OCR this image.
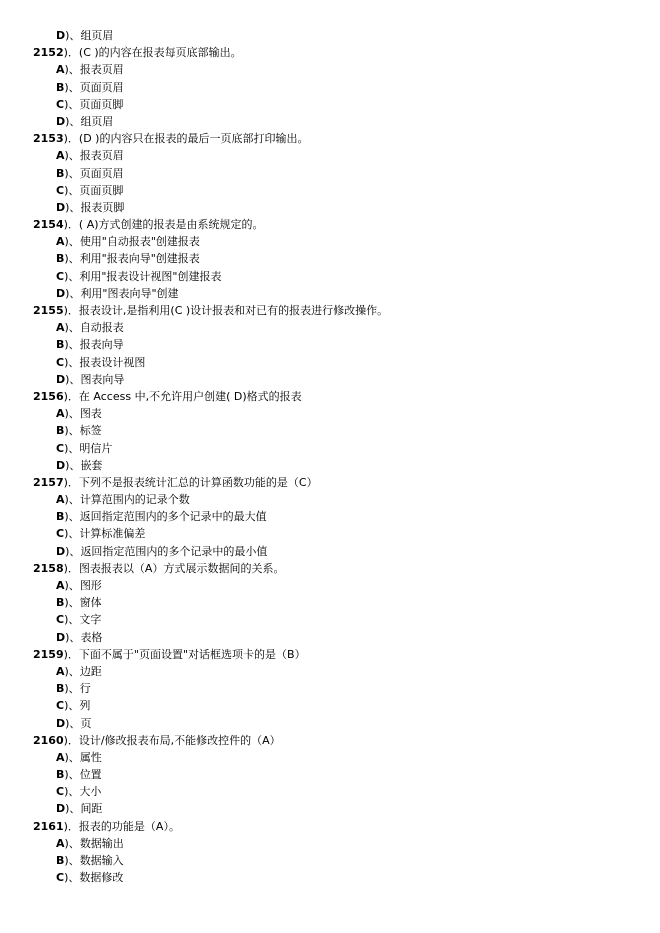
D)、组页眉
2152)．(C )的内容在报表每页底部输出。
A)、报表页眉
B)、页面页眉
C)、页面页脚
D)、组页眉
2153)．(D )的内容只在报表的最后一页底部打印输出。
A)、报表页眉
B)、页面页眉
C)、页面页脚
D)、报表页脚
2154)．( A)方式创建的报表是由系统规定的。
A)、使用"自动报表"创建报表
B)、利用"报表向导"创建报表
C)、利用"报表设计视图"创建报表
D)、利用"图表向导"创建
2155)．报表设计,是指利用(C )设计报表和对已有的报表进行修改操作。
A)、自动报表
B)、报表向导
C)、报表设计视图
D)、图表向导
2156)．在 Access 中,不允许用户创建( D)格式的报表
A)、图表
B)、标签
C)、明信片
D)、嵌套
2157)．下列不是报表统计汇总的计算函数功能的是（C）
A)、计算范围内的记录个数
B)、返回指定范围内的多个记录中的最大值
C)、计算标准偏差
D)、返回指定范围内的多个记录中的最小值
2158)．图表报表以（A）方式展示数据间的关系。
A)、图形
B)、窗体
C)、文字
D)、表格
2159)．下面不属于"页面设置"对话框选项卡的是（B）
A)、边距
B)、行
C)、列
D)、页
2160)．设计/修改报表布局,不能修改控件的（A）
A)、属性
B)、位置
C)、大小
D)、间距
2161)．报表的功能是（A）。
A)、数据输出
B)、数据输入
C)、数据修改
